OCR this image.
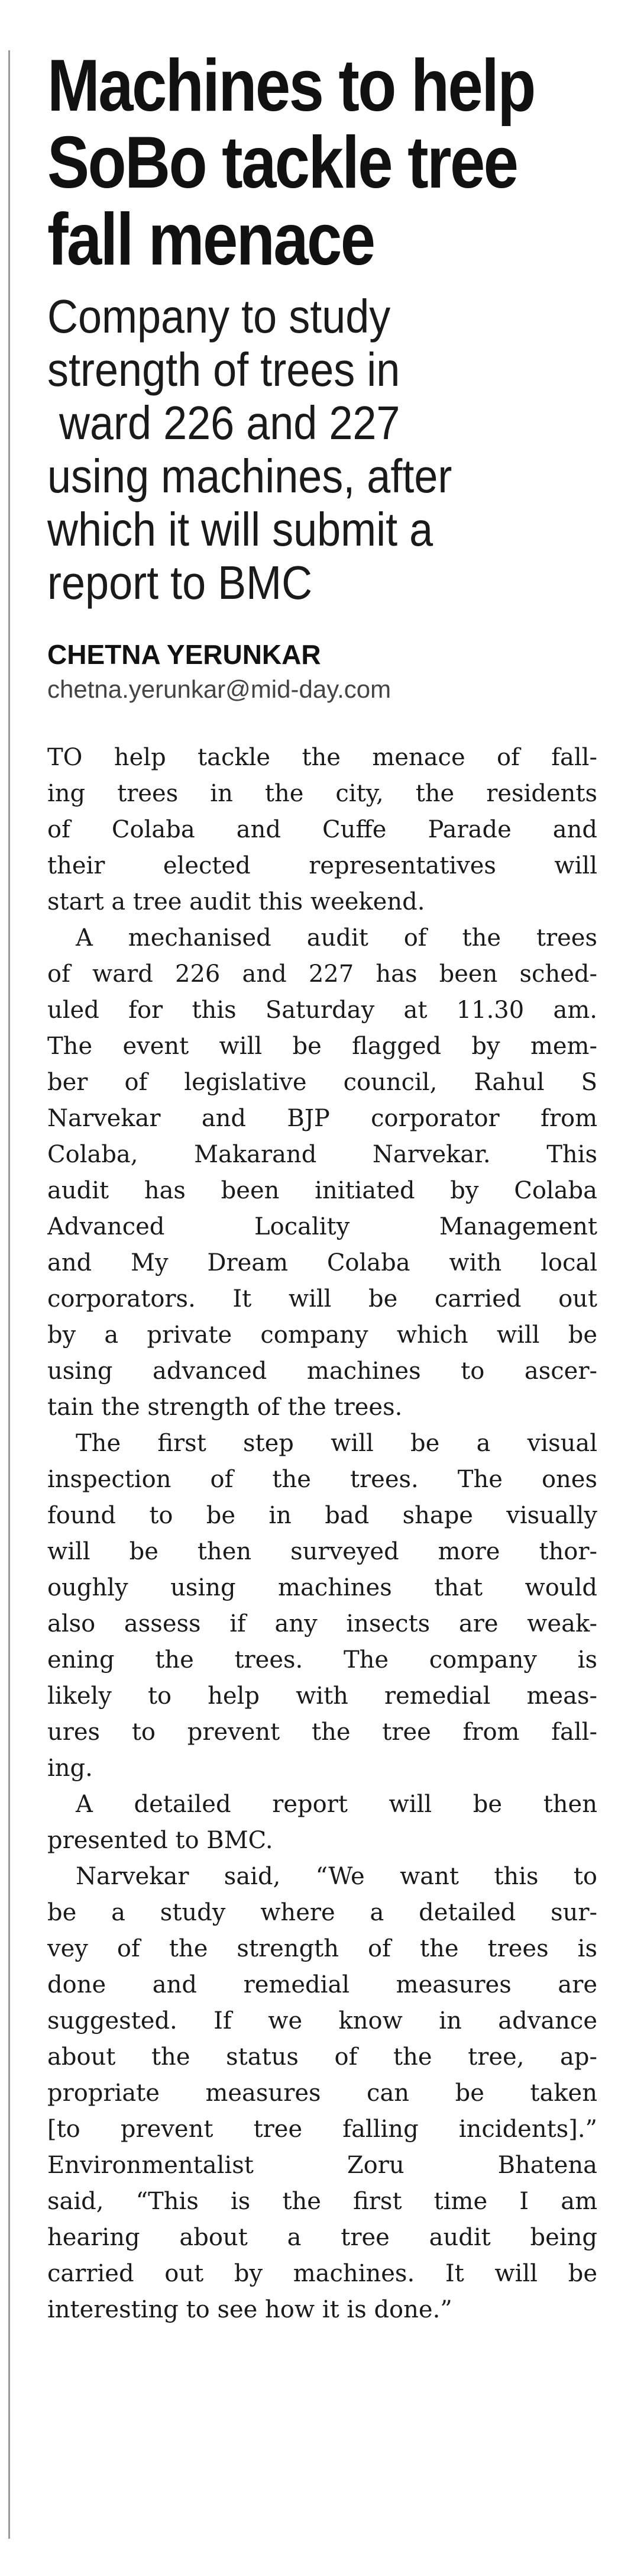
Machines to help
SoBo tackle tree
fall menace
Company to study
strength of trees in
ward 226 and 227
using machines, after
which it will submit a
report to BMC
CHETNA YERUNKAR
chetna.yerunkar@mid-day.com
TO help tackle the menace of fall-
ing trees in the city, the residents
of Colaba and Cuffe Parade and
their elected representatives will
start a tree audit this weekend.
A mechanised audit of the trees
of ward 226 and 227 has been sched-
uled for this Saturday at 11.30 am.
The event will be flagged by mem-
ber of legislative council, Rahul S
Narvekar and BJP corporator from
Colaba, Makarand Narvekar. This
audit has been initiated by Colaba
Advanced Locality Management
and My Dream Colaba with local
corporators. It will be carried out
by a private company which will be
using advanced machines to ascer-
tain the strength of the trees.
The first step will be a visual
inspection of the trees. The ones
found to be in bad shape visually
will be then surveyed more thor-
oughly using machines that would
also assess if any insects are weak-
ening the trees. The company is
likely to help with remedial meas-
ures to prevent the tree from fall-
ing.
A detailed report will be then
presented to BMC.
Narvekar said, “We want this to
be a study where a detailed sur-
vey of the strength of the trees is
done and remedial measures are
suggested. If we know in advance
about the status of the tree, ap-
propriate measures can be taken
[to prevent tree falling incidents].”
Environmentalist Zoru Bhatena
said, “This is the first time I am
hearing about a tree audit being
carried out by machines. It will be
interesting to see how it is done.”
